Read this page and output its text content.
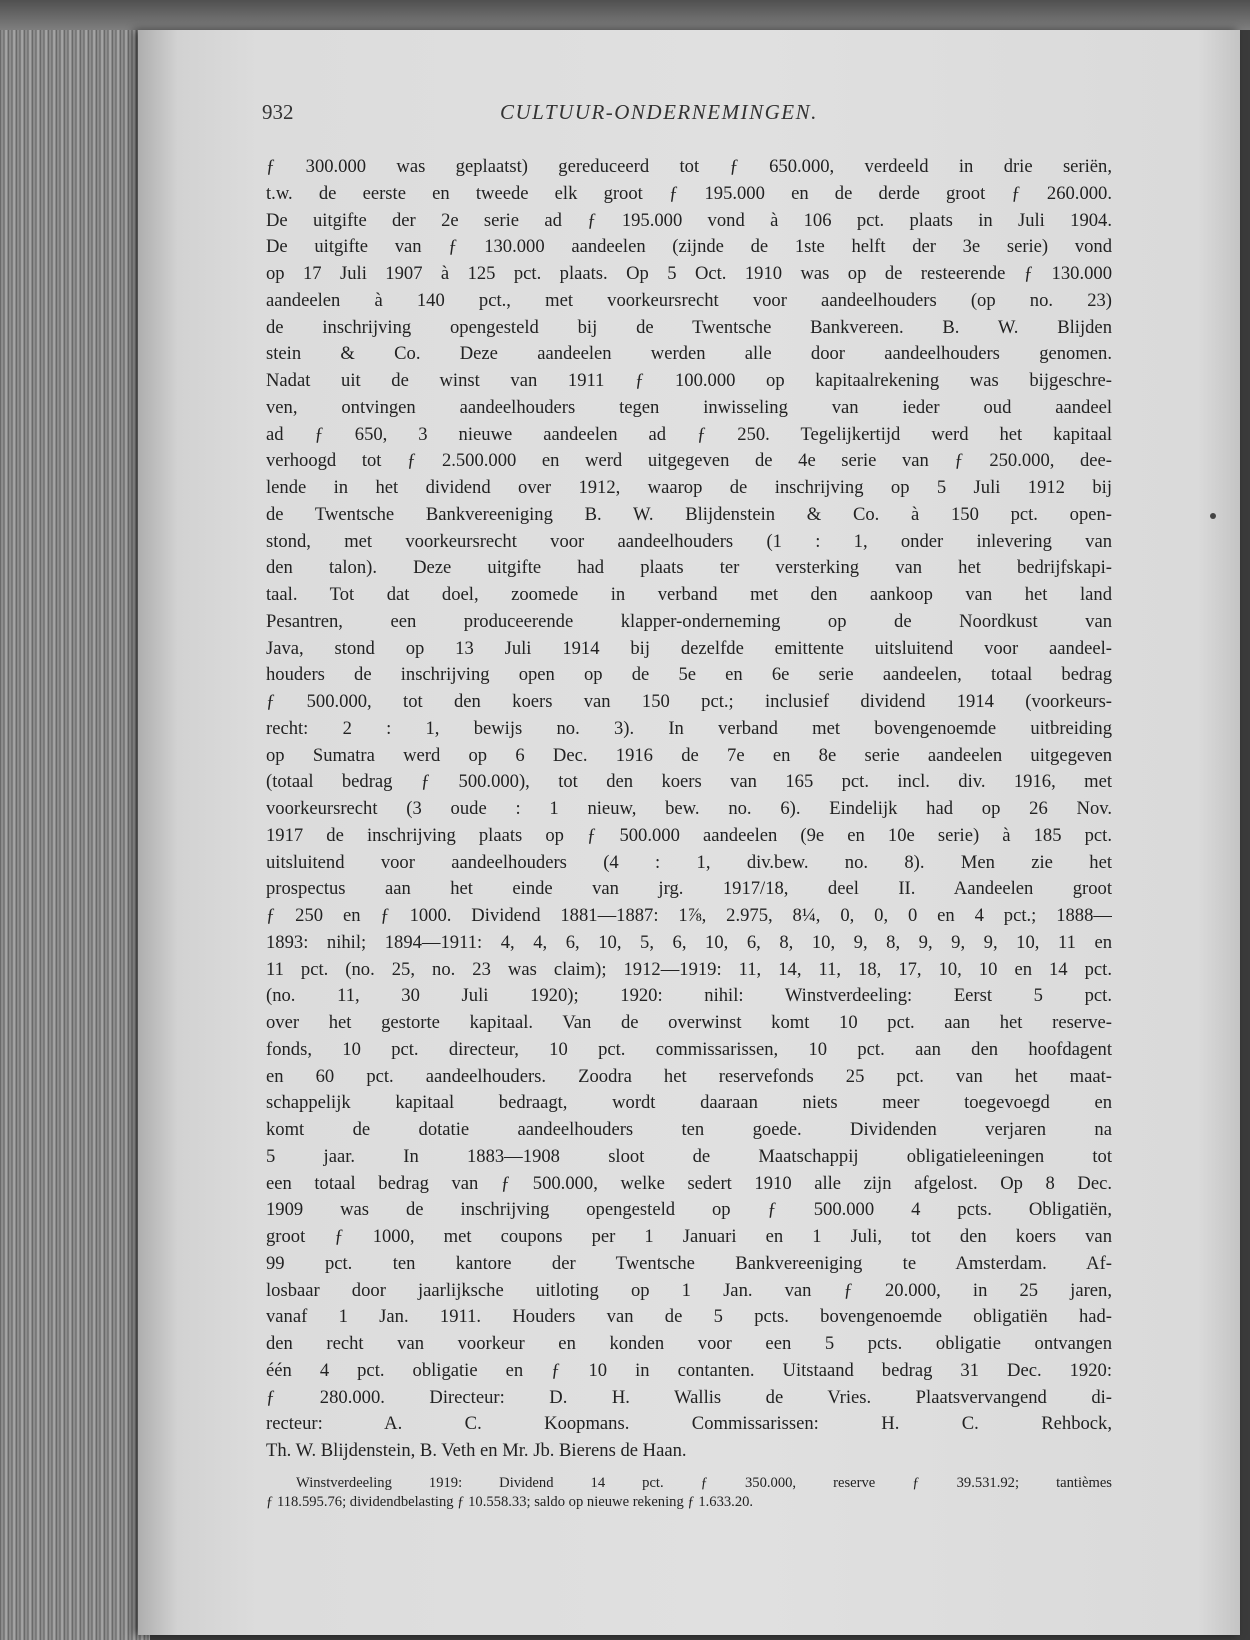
932	CULTUUR-ONDERNEMINGEN.
ƒ 300.000 was geplaatst) gereduceerd tot ƒ 650.000, verdeeld in drie seriën,
t.w. de eerste en tweede elk groot ƒ 195.000 en de derde groot ƒ 260.000.
De uitgifte der 2e serie ad ƒ 195.000 vond à 106 pct. plaats in Juli 1904.
De uitgifte van ƒ 130.000 aandeelen (zijnde de 1ste helft der 3e serie) vond
op 17 Juli 1907 à 125 pct. plaats. Op 5 Oct. 1910 was op de resteerende ƒ 130.000
aandeelen à 140 pct., met voorkeursrecht voor aandeelhouders (op no. 23)
de inschrijving opengesteld bij de Twentsche Bankvereen. B. W. Blijden
stein & Co. Deze aandeelen werden alle door aandeelhouders genomen.
Nadat uit de winst van 1911 ƒ 100.000 op kapitaalrekening was bijgeschre-
ven, ontvingen aandeelhouders tegen inwisseling van ieder oud aandeel
ad ƒ 650, 3 nieuwe aandeelen ad ƒ 250. Tegelijkertijd werd het kapitaal
verhoogd tot ƒ 2.500.000 en werd uitgegeven de 4e serie van ƒ 250.000, dee-
lende in het dividend over 1912, waarop de inschrijving op 5 Juli 1912 bij
de Twentsche Bankvereeniging B. W. Blijdenstein & Co. à 150 pct. open-
stond, met voorkeursrecht voor aandeelhouders (1 : 1, onder inlevering van
den talon). Deze uitgifte had plaats ter versterking van het bedrijfskapi-
taal. Tot dat doel, zoomede in verband met den aankoop van het land
Pesantren, een produceerende klapper-onderneming op de Noordkust van
Java, stond op 13 Juli 1914 bij dezelfde emittente uitsluitend voor aandeel-
houders de inschrijving open op de 5e en 6e serie aandeelen, totaal bedrag
ƒ 500.000, tot den koers van 150 pct.; inclusief dividend 1914 (voorkeurs-
recht: 2 : 1, bewijs no. 3). In verband met bovengenoemde uitbreiding
op Sumatra werd op 6 Dec. 1916 de 7e en 8e serie aandeelen uitgegeven
(totaal bedrag ƒ 500.000), tot den koers van 165 pct. incl. div. 1916, met
voorkeursrecht (3 oude : 1 nieuw, bew. no. 6). Eindelijk had op 26 Nov.
1917 de inschrijving plaats op ƒ 500.000 aandeelen (9e en 10e serie) à 185 pct.
uitsluitend voor aandeelhouders (4 : 1, div.bew. no. 8). Men zie het
prospectus aan het einde van jrg. 1917/18, deel II. Aandeelen groot
ƒ 250 en ƒ 1000. Dividend 1881—1887: 1⅞, 2.975, 8¼, 0, 0, 0 en 4 pct.; 1888—
1893: nihil; 1894—1911: 4, 4, 6, 10, 5, 6, 10, 6, 8, 10, 9, 8, 9, 9, 9, 10, 11 en
11 pct. (no. 25, no. 23 was claim); 1912—1919: 11, 14, 11, 18, 17, 10, 10 en 14 pct.
(no. 11, 30 Juli 1920); 1920: nihil: Winstverdeeling: Eerst 5 pct.
over het gestorte kapitaal. Van de overwinst komt 10 pct. aan het reserve-
fonds, 10 pct. directeur, 10 pct. commissarissen, 10 pct. aan den hoofdagent
en 60 pct. aandeelhouders. Zoodra het reservefonds 25 pct. van het maat-
schappelijk kapitaal bedraagt, wordt daaraan niets meer toegevoegd en
komt de dotatie aandeelhouders ten goede. Dividenden verjaren na
5 jaar. In 1883—1908 sloot de Maatschappij obligatieleeningen tot
een totaal bedrag van ƒ 500.000, welke sedert 1910 alle zijn afgelost. Op 8 Dec.
1909 was de inschrijving opengesteld op ƒ 500.000 4 pcts. Obligatiën,
groot ƒ 1000, met coupons per 1 Januari en 1 Juli, tot den koers van
99 pct. ten kantore der Twentsche Bankvereeniging te Amsterdam. Af-
losbaar door jaarlijksche uitloting op 1 Jan. van ƒ 20.000, in 25 jaren,
vanaf 1 Jan. 1911. Houders van de 5 pcts. bovengenoemde obligatiën had-
den recht van voorkeur en konden voor een 5 pcts. obligatie ontvangen
één 4 pct. obligatie en ƒ 10 in contanten. Uitstaand bedrag 31 Dec. 1920:
ƒ 280.000. Directeur: D. H. Wallis de Vries. Plaatsvervangend di-
recteur: A. C. Koopmans. Commissarissen: H. C. Rehbock,
Th. W. Blijdenstein, B. Veth en Mr. Jb. Bierens de Haan.
Winstverdeeling 1919: Dividend 14 pct. ƒ 350.000, reserve ƒ 39.531.92; tantièmes
ƒ 118.595.76; dividendbelasting ƒ 10.558.33; saldo op nieuwe rekening ƒ 1.633.20.
